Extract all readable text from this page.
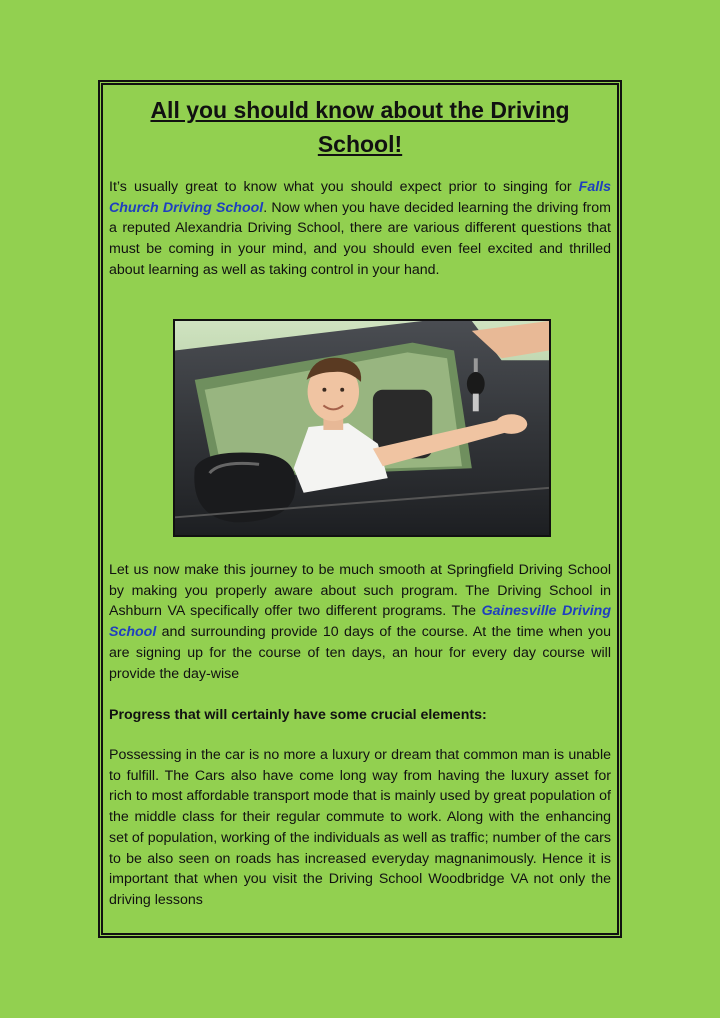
All you should know about the Driving School!

It’s usually great to know what you should expect prior to singing for Falls Church Driving School. Now when you have decided learning the driving from a reputed Alexandria Driving School, there are various different questions that must be coming in your mind, and you should even feel excited and thrilled about learning as well as taking control in your hand.

Let us now make this journey to be much smooth at Springfield Driving School by making you properly aware about such program. The Driving School in Ashburn VA specifically offer two different programs. The Gainesville Driving School and surrounding provide 10 days of the course. At the time when you are signing up for the course of ten days, an hour for every day course will provide the day-wise

Progress that will certainly have some crucial elements:

Possessing in the car is no more a luxury or dream that common man is unable to fulfill. The Cars also have come long way from having the luxury asset for rich to most affordable transport mode that is mainly used by great population of the middle class for their regular commute to work. Along with the enhancing set of population, working of the individuals as well as traffic; number of the cars to be also seen on roads has increased everyday magnanimously. Hence it is important that when you visit the Driving School Woodbridge VA not only the driving lessons
